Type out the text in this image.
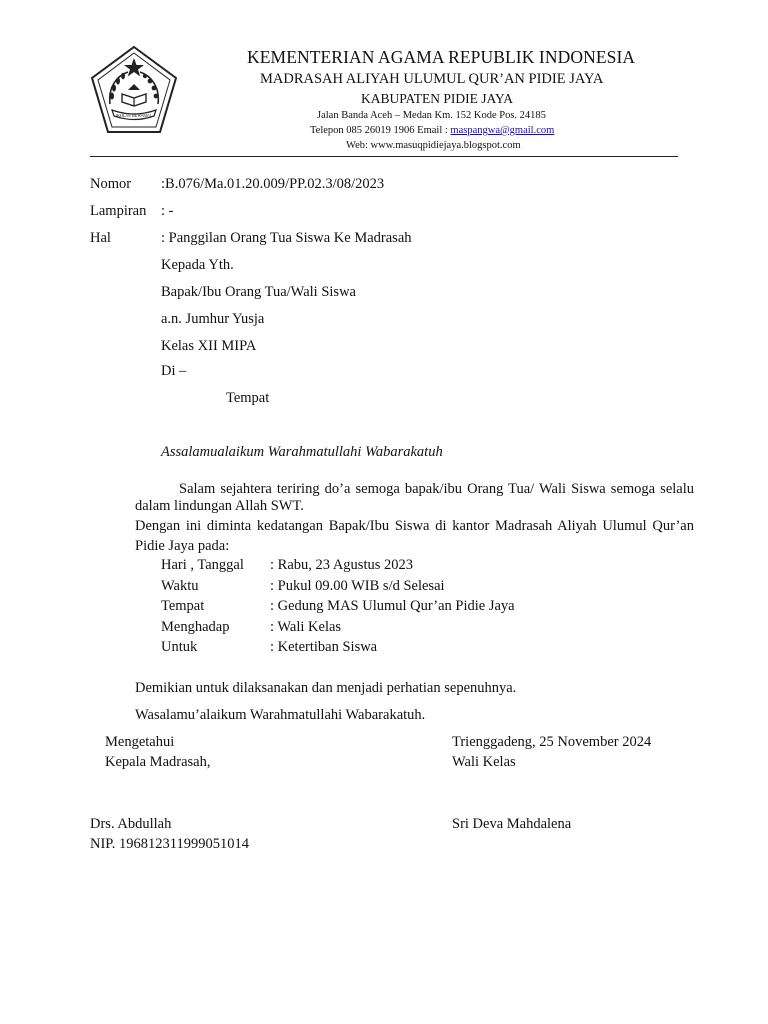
IKHLAS BERAMAL
KEMENTERIAN AGAMA REPUBLIK INDONESIA
MADRASAH ALIYAH ULUMUL QUR’AN PIDIE JAYA
KABUPATEN PIDIE JAYA
Jalan Banda Aceh – Medan Km. 152 Kode Pos. 24185
Telepon 085 26019 1906 Email : maspangwa@gmail.com
Web: www.masuqpidiejaya.blogspot.com
Nomor :B.076/Ma.01.20.009/PP.02.3/08/2023
Lampiran : -
Hal	: Panggilan Orang Tua Siswa Ke Madrasah
Kepada Yth.
Bapak/Ibu Orang Tua/Wali Siswa
a.n. Jumhur Yusja
Kelas XII MIPA
Di –
Tempat
Assalamualaikum Warahmatullahi Wabarakatuh
Salam sejahtera teriring do’a semoga bapak/ibu Orang Tua/ Wali Siswa semoga selalu dalam lindungan Allah SWT.
Dengan ini diminta kedatangan Bapak/Ibu Siswa di kantor Madrasah Aliyah Ulumul Qur’an Pidie Jaya pada:
Hari , Tanggal : Rabu, 23 Agustus 2023
Waktu	: Pukul 09.00 WIB s/d Selesai
Tempat	: Gedung MAS Ulumul Qur’an Pidie Jaya
Menghadap	: Wali Kelas
Untuk	: Ketertiban Siswa
Demikian untuk dilaksanakan dan menjadi perhatian sepenuhnya.
Wasalamu’alaikum Warahmatullahi Wabarakatuh.
Mengetahui
Kepala Madrasah,
Trienggadeng, 25 November 2024
Wali Kelas
Drs. Abdullah
NIP. 196812311999051014
Sri Deva Mahdalena
